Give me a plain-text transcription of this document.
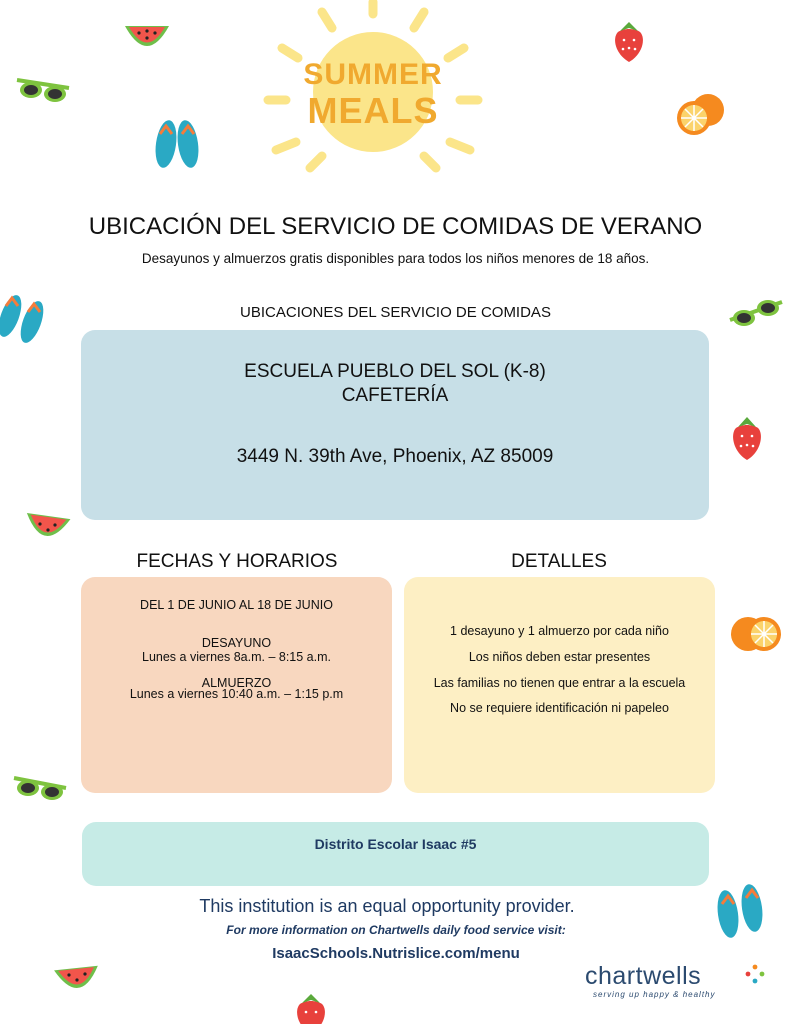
SUMMER
MEALS
UBICACIÓN DEL SERVICIO DE COMIDAS DE VERANO
Desayunos y almuerzos gratis disponibles para todos los niños menores de 18 años.
UBICACIONES DEL SERVICIO DE COMIDAS
ESCUELA PUEBLO DEL SOL (K-8)
CAFETERÍA
3449 N. 39th Ave, Phoenix, AZ 85009
FECHAS Y HORARIOS	DETALLES
DEL 1 DE JUNIO AL 18 DE JUNIO
DESAYUNO
Lunes a viernes 8a.m. – 8:15 a.m.
ALMUERZO
Lunes a viernes 10:40 a.m. – 1:15 p.m
1 desayuno y 1 almuerzo por cada niño
Los niños deben estar presentes
Las familias no tienen que entrar a la escuela
No se requiere identificación ni papeleo
Distrito Escolar Isaac #5
This institution is an equal opportunity provider.
For more information on Chartwells daily food service visit:
IsaacSchools.Nutrislice.com/menu
chartwells
serving up happy & healthy
